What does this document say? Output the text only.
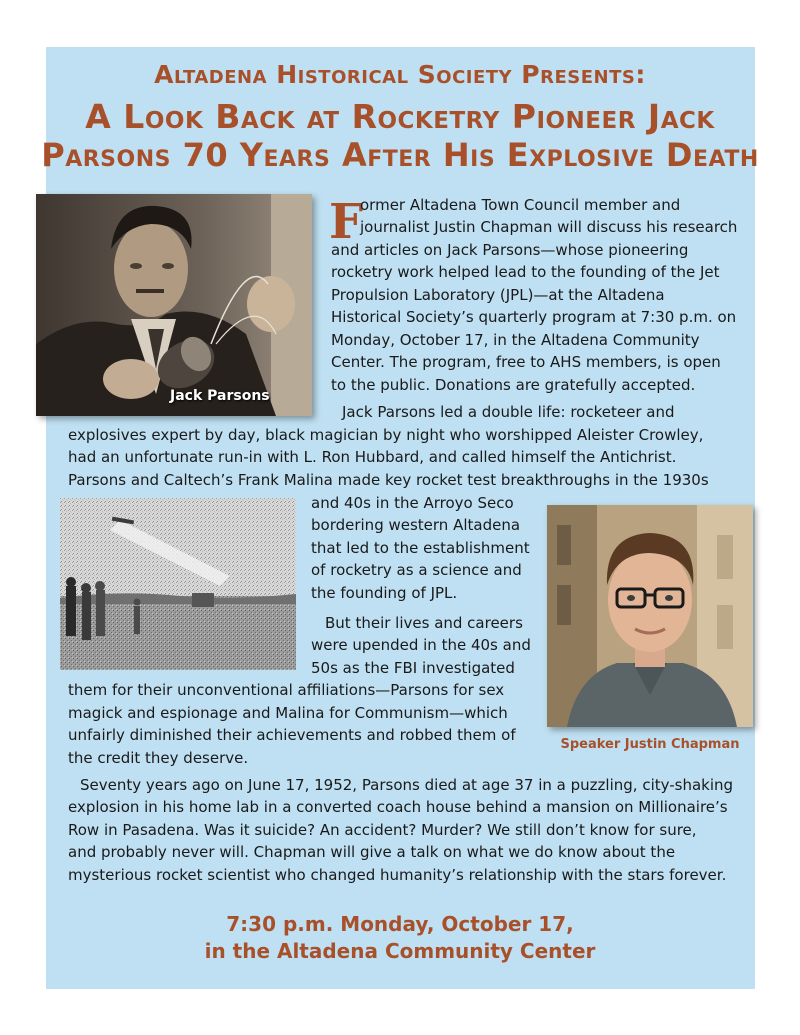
Altadena Historical Society Presents:
A Look Back at Rocketry Pioneer Jack
Parsons 70 Years After His Explosive Death
Jack Parsons
F
ormer Altadena Town Council member and
journalist Justin Chapman will discuss his research
and articles on Jack Parsons—whose pioneering
rocketry work helped lead to the founding of the Jet
Propulsion Laboratory (JPL)—at the Altadena
Historical Society’s quarterly program at 7:30 p.m. on
Monday, October 17, in the Altadena Community
Center. The program, free to AHS members, is open
to the public. Donations are gratefully accepted.
Jack Parsons led a double life: rocketeer and
explosives expert by day, black magician by night who worshipped Aleister Crowley,
had an unfortunate run-in with L. Ron Hubbard, and called himself the Antichrist.
Parsons and Caltech’s Frank Malina made key rocket test breakthroughs in the 1930s
and 40s in the Arroyo Seco
bordering western Altadena
that led to the establishment
of rocketry as a science and
the founding of JPL.
Speaker Justin Chapman
But their lives and careers
were upended in the 40s and
50s as the FBI investigated
them for their unconventional affiliations—Parsons for sex
magick and espionage and Malina for Communism—which
unfairly diminished their achievements and robbed them of
the credit they deserve.
Seventy years ago on June 17, 1952, Parsons died at age 37 in a puzzling, city-shaking
explosion in his home lab in a converted coach house behind a mansion on Millionaire’s
Row in Pasadena. Was it suicide? An accident? Murder? We still don’t know for sure,
and probably never will. Chapman will give a talk on what we do know about the
mysterious rocket scientist who changed humanity’s relationship with the stars forever.
7:30 p.m. Monday, October 17,
in the Altadena Community Center
